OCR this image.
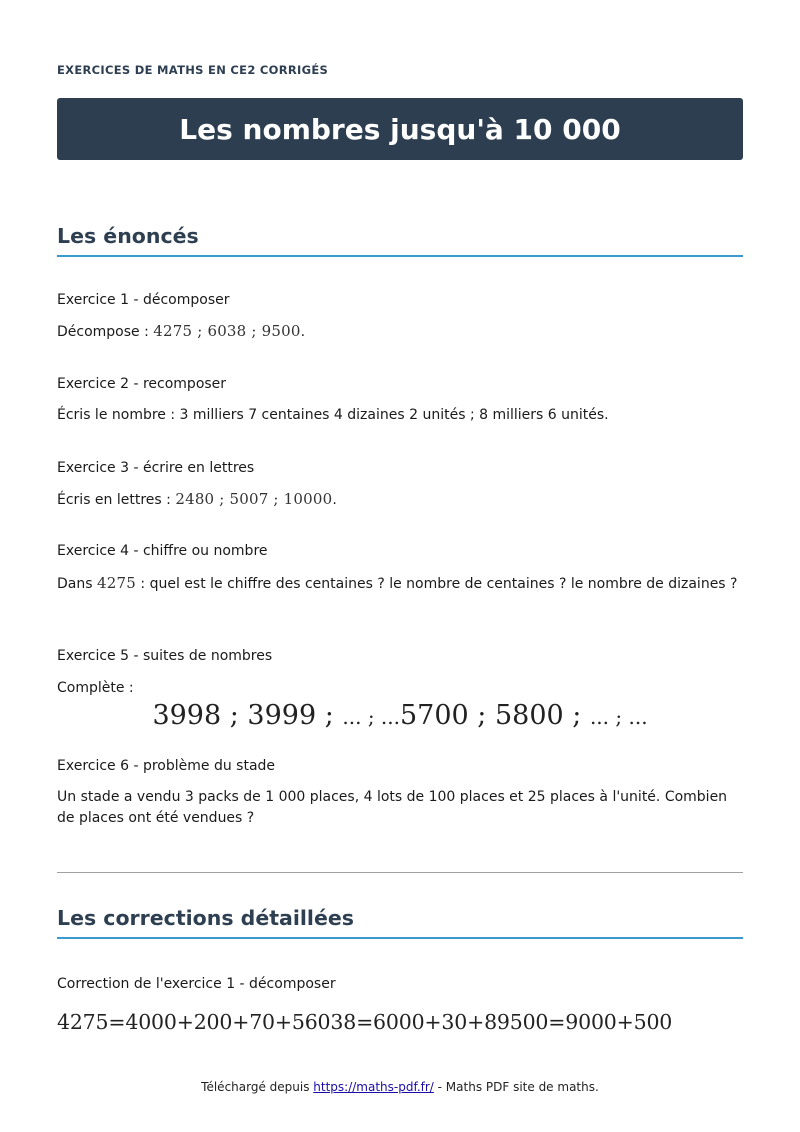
EXERCICES DE MATHS EN CE2 CORRIGÉS
Les nombres jusqu'à 10 000
Les énoncés

Exercice 1 - décomposer

Décompose : 4275 ; 6038 ; 9500.

Exercice 2 - recomposer

Écris le nombre : 3 milliers 7 centaines 4 dizaines 2 unités ; 8 milliers 6 unités.

Exercice 3 - écrire en lettres

Écris en lettres : 2480 ; 5007 ; 10000.

Exercice 4 - chiffre ou nombre

Dans 4275 : quel est le chiffre des centaines ? le nombre de centaines ? le nombre de dizaines ?

Exercice 5 - suites de nombres

Complète :

3998 ; 3999 ; ... ; ...5700 ; 5800 ; ... ; ...

Exercice 6 - problème du stade

Un stade a vendu 3 packs de 1 000 places, 4 lots de 100 places et 25 places à l'unité. Combien de places ont été vendues ?

Les corrections détaillées

Correction de l'exercice 1 - décomposer

4275=4000+200+70+56038=6000+30+89500=9000+500

Téléchargé depuis https://maths-pdf.fr/ - Maths PDF site de maths.
